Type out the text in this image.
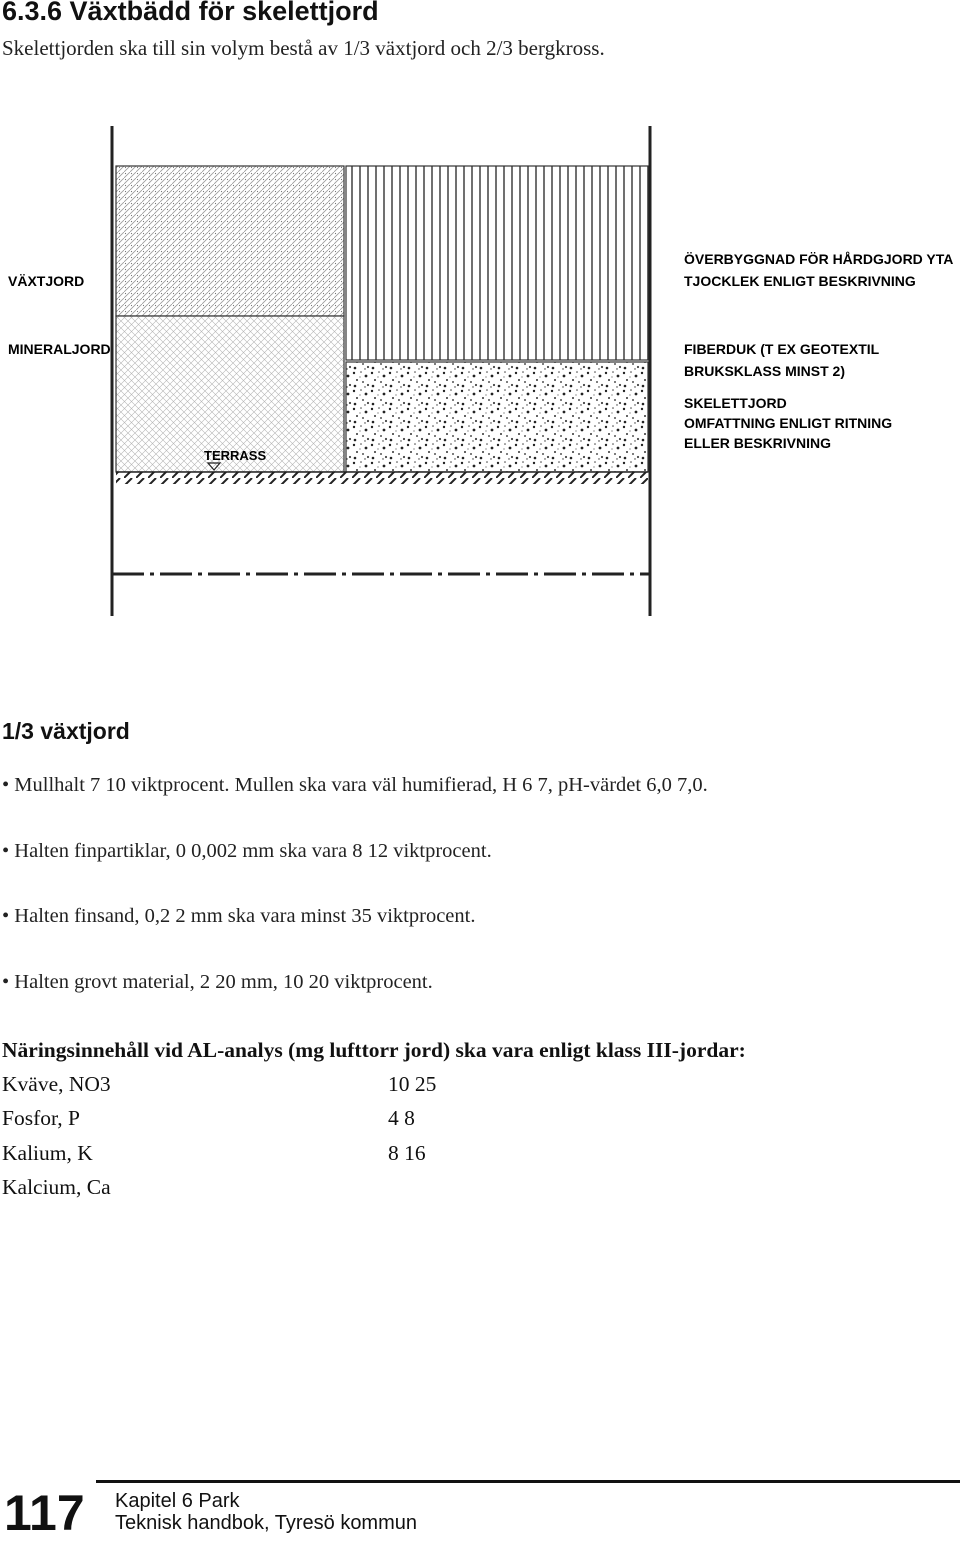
6.3.6 Växtbädd för skelettjord
Skelettjorden ska till sin volym bestå av 1/3 växtjord och 2/3 bergkross.
VÄXTJORD
MINERALJORD
TERRASS
ÖVERBYGGNAD FÖR HÅRDGJORD YTA
TJOCKLEK ENLIGT BESKRIVNING
FIBERDUK (T EX GEOTEXTIL
BRUKSKLASS MINST 2)
SKELETTJORD
OMFATTNING ENLIGT RITNING
ELLER BESKRIVNING
1/3 växtjord
• Mullhalt 7 10 viktprocent. Mullen ska vara väl humifierad, H 6 7, pH-värdet 6,0 7,0.
• Halten finpartiklar, 0 0,002 mm ska vara 8 12 viktprocent.
• Halten finsand, 0,2 2 mm ska vara minst 35 viktprocent.
• Halten grovt material, 2 20 mm, 10 20 viktprocent.
Näringsinnehåll vid AL-analys (mg lufttorr jord) ska vara enligt klass III-jordar:
Kväve, NO3	10 25
Fosfor, P	4 8
Kalium, K	8 16
Kalcium, Ca
117 Kapitel 6 Park
Teknisk handbok, Tyresö kommun
